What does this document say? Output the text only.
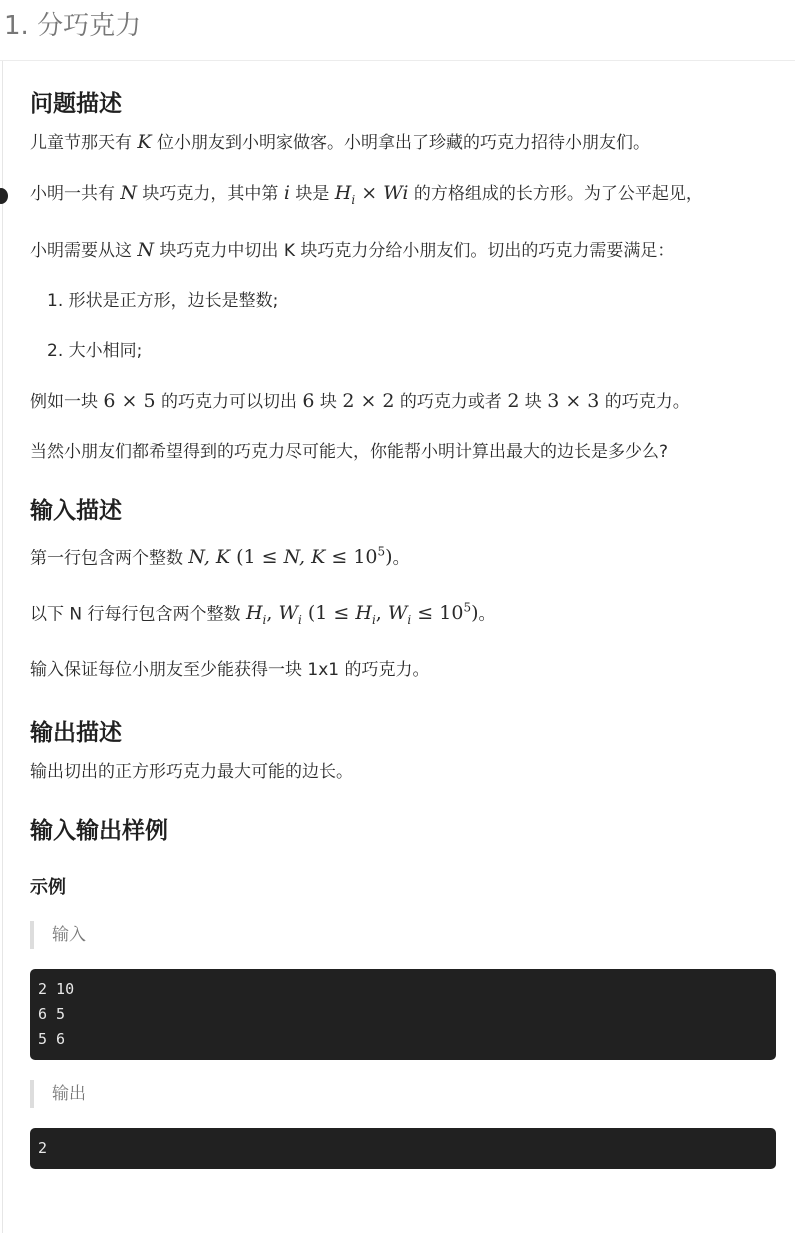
1. 分巧克力
问题描述

儿童节那天有 K 位小朋友到小明家做客。小明拿出了珍藏的巧克力招待小朋友们。

小明一共有 N 块巧克力，其中第 i 块是 $H_i \times Wi$ 的方格组成的长方形。为了公平起见，

小明需要从这 N 块巧克力中切出 K 块巧克力分给小朋友们。切出的巧克力需要满足：

1. 形状是正方形，边长是整数;
2. 大小相同;

例如一块 6 × 5 的巧克力可以切出 6 块 2 × 2 的巧克力或者 2 块 3 × 3 的巧克力。

当然小朋友们都希望得到的巧克力尽可能大，你能帮小明计算出最大的边长是多少么?

输入描述

第一行包含两个整数 N, K (1 ≤ N, $K \le 10^5$)。

以下 N 行每行包含两个整数 $H_i$, $W_i$ ($1 \le H_i$, $W_i \le 10^5$)。

输入保证每位小朋友至少能获得一块 1x1 的巧克力。

输出描述

输出切出的正方形巧克力最大可能的边长。

输入输出样例
示例
输入
2 10
6 5
5 6
输出
2
